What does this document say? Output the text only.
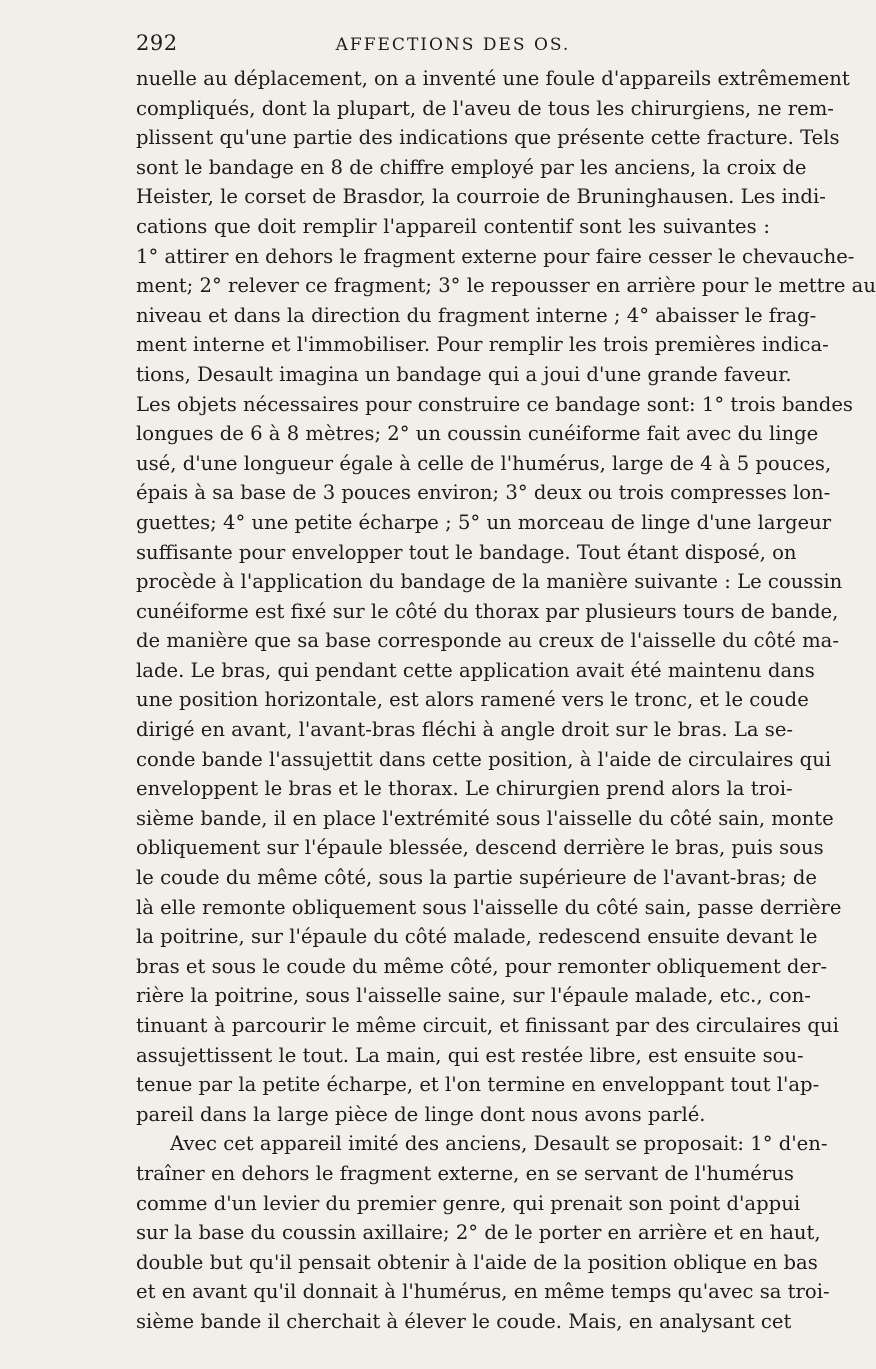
292	AFFECTIONS DES OS.

nuelle au déplacement, on a inventé une foule d'appareils extrêmement
compliqués, dont la plupart, de l'aveu de tous les chirurgiens, ne rem-
plissent qu'une partie des indications que présente cette fracture. Tels
sont le bandage en 8 de chiffre employé par les anciens, la croix de
Heister, le corset de Brasdor, la courroie de Bruninghausen. Les indi-
cations que doit remplir l'appareil contentif sont les suivantes :
1° attirer en dehors le fragment externe pour faire cesser le chevauche-
ment; 2° relever ce fragment; 3° le repousser en arrière pour le mettre au
niveau et dans la direction du fragment interne ; 4° abaisser le frag-
ment interne et l'immobiliser. Pour remplir les trois premières indica-
tions, Desault imagina un bandage qui a joui d'une grande faveur.
Les objets nécessaires pour construire ce bandage sont: 1° trois bandes
longues de 6 à 8 mètres; 2° un coussin cunéiforme fait avec du linge
usé, d'une longueur égale à celle de l'humérus, large de 4 à 5 pouces,
épais à sa base de 3 pouces environ; 3° deux ou trois compresses lon-
guettes; 4° une petite écharpe ; 5° un morceau de linge d'une largeur
suffisante pour envelopper tout le bandage. Tout étant disposé, on
procède à l'application du bandage de la manière suivante : Le coussin
cunéiforme est fixé sur le côté du thorax par plusieurs tours de bande,
de manière que sa base corresponde au creux de l'aisselle du côté ma-
lade. Le bras, qui pendant cette application avait été maintenu dans
une position horizontale, est alors ramené vers le tronc, et le coude
dirigé en avant, l'avant-bras fléchi à angle droit sur le bras. La se-
conde bande l'assujettit dans cette position, à l'aide de circulaires qui
enveloppent le bras et le thorax. Le chirurgien prend alors la troi-
sième bande, il en place l'extrémité sous l'aisselle du côté sain, monte
obliquement sur l'épaule blessée, descend derrière le bras, puis sous
le coude du même côté, sous la partie supérieure de l'avant-bras; de
là elle remonte obliquement sous l'aisselle du côté sain, passe derrière
la poitrine, sur l'épaule du côté malade, redescend ensuite devant le
bras et sous le coude du même côté, pour remonter obliquement der-
rière la poitrine, sous l'aisselle saine, sur l'épaule malade, etc., con-
tinuant à parcourir le même circuit, et finissant par des circulaires qui
assujettissent le tout. La main, qui est restée libre, est ensuite sou-
tenue par la petite écharpe, et l'on termine en enveloppant tout l'ap-
pareil dans la large pièce de linge dont nous avons parlé.
Avec cet appareil imité des anciens, Desault se proposait: 1° d'en-
traîner en dehors le fragment externe, en se servant de l'humérus
comme d'un levier du premier genre, qui prenait son point d'appui
sur la base du coussin axillaire; 2° de le porter en arrière et en haut,
double but qu'il pensait obtenir à l'aide de la position oblique en bas
et en avant qu'il donnait à l'humérus, en même temps qu'avec sa troi-
sième bande il cherchait à élever le coude. Mais, en analysant cet
